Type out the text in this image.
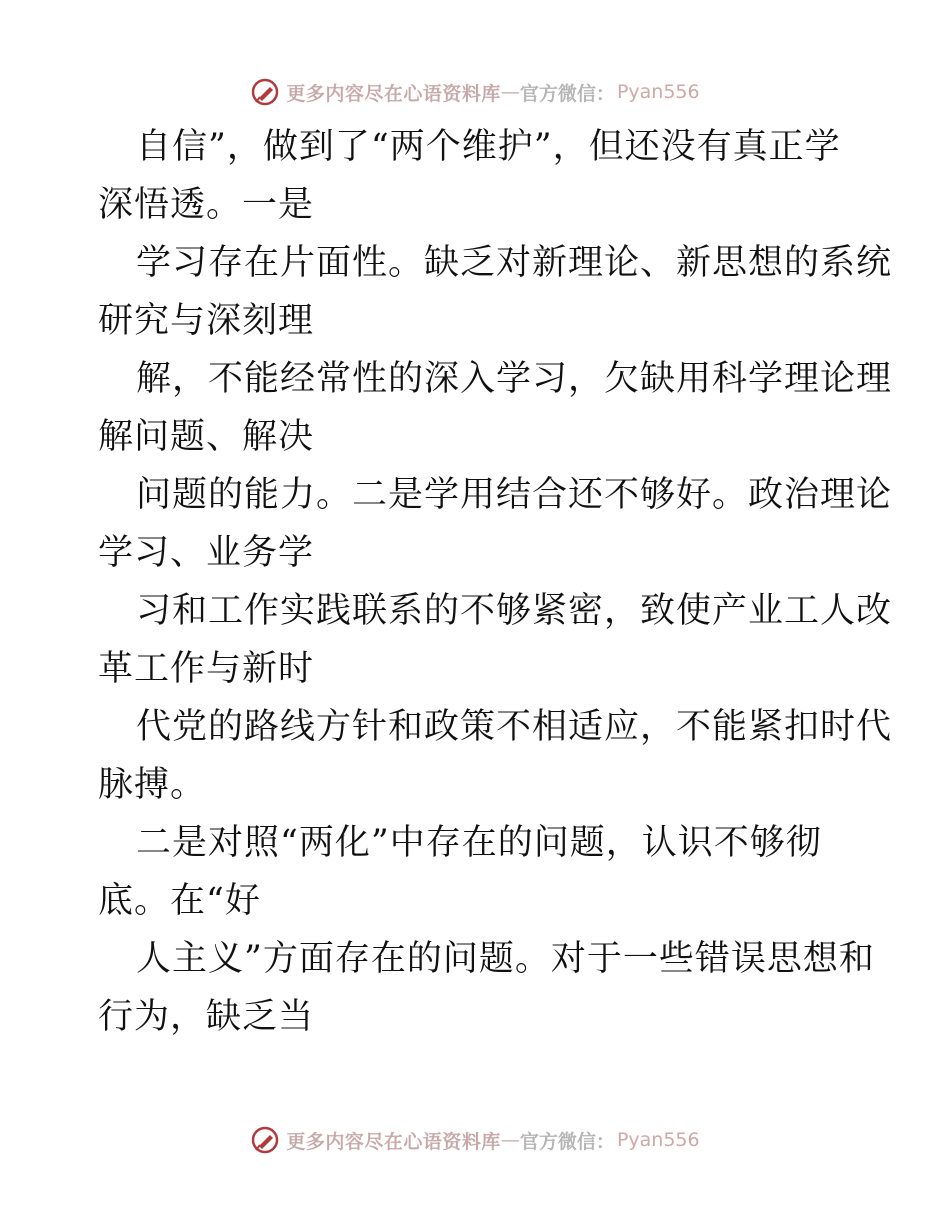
更多内容尽在心语资料库 — 官方微信： Pyan556
自信”，做到了“两个维护”，但还没有真正学
深悟透。一是
学习存在片面性。缺乏对新理论、新思想的系统
研究与深刻理
解，不能经常性的深入学习，欠缺用科学理论理
解问题、解决
问题的能力。二是学用结合还不够好。政治理论
学习、业务学
习和工作实践联系的不够紧密，致使产业工人改
革工作与新时
代党的路线方针和政策不相适应，不能紧扣时代
脉搏。
二是对照“两化”中存在的问题，认识不够彻
底。在“好
人主义”方面存在的问题。对于一些错误思想和
行为，缺乏当
更多内容尽在心语资料库 — 官方微信： Pyan556
